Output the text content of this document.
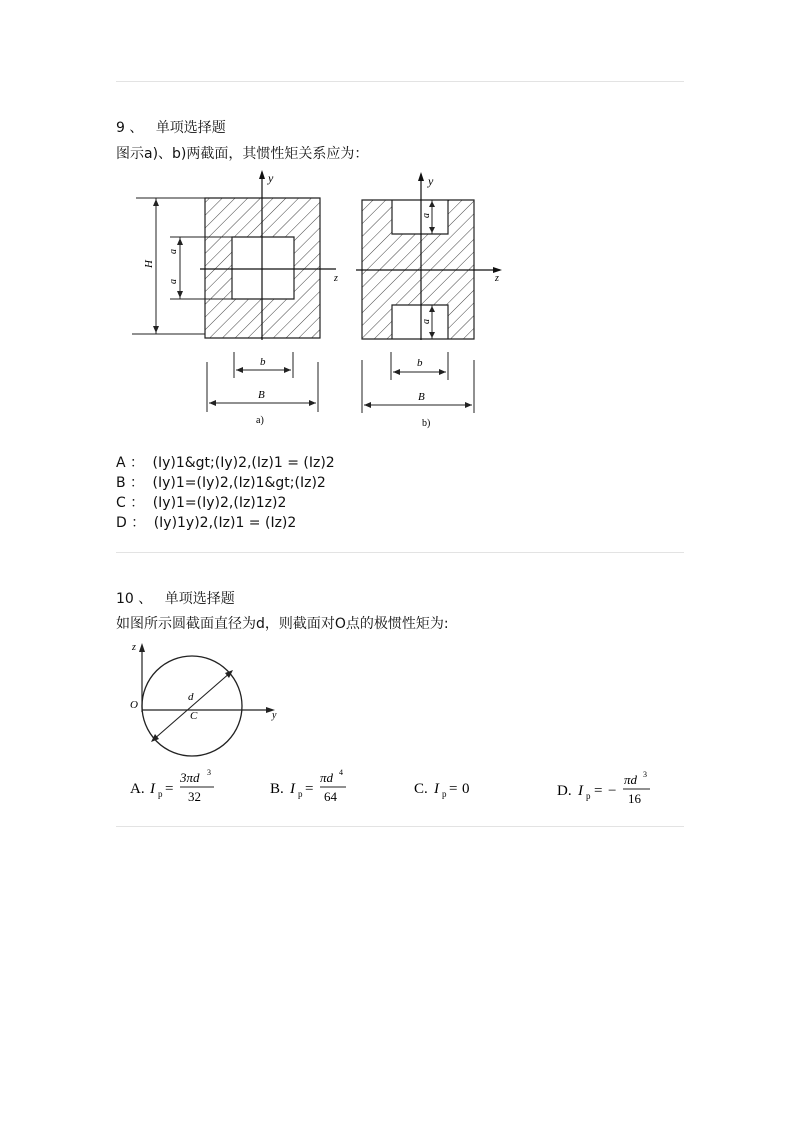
9 、 单项选择题
图示a)、b)两截面，其惯性矩关系应为：
y
z
H
a
a
b
B
a)
y
z
a
a
b
B
b)
A ： (Iy)1&gt;(Iy)2,(Iz)1 = (Iz)2
B ： (Iy)1=(Iy)2,(Iz)1&gt;(Iz)2
C ： (Iy)1=(Iy)2,(Iz)1z)2
D ： (Iy)1y)2,(Iz)1 = (Iz)2
10 、 单项选择题
如图所示圆截面直径为d，则截面对O点的极惯性矩为:
z
O
C
d
y
A. I p =
3πd 3
32	B. I p =
πd 4
64	C. I p = 0	D. I p = −
πd 3
16
